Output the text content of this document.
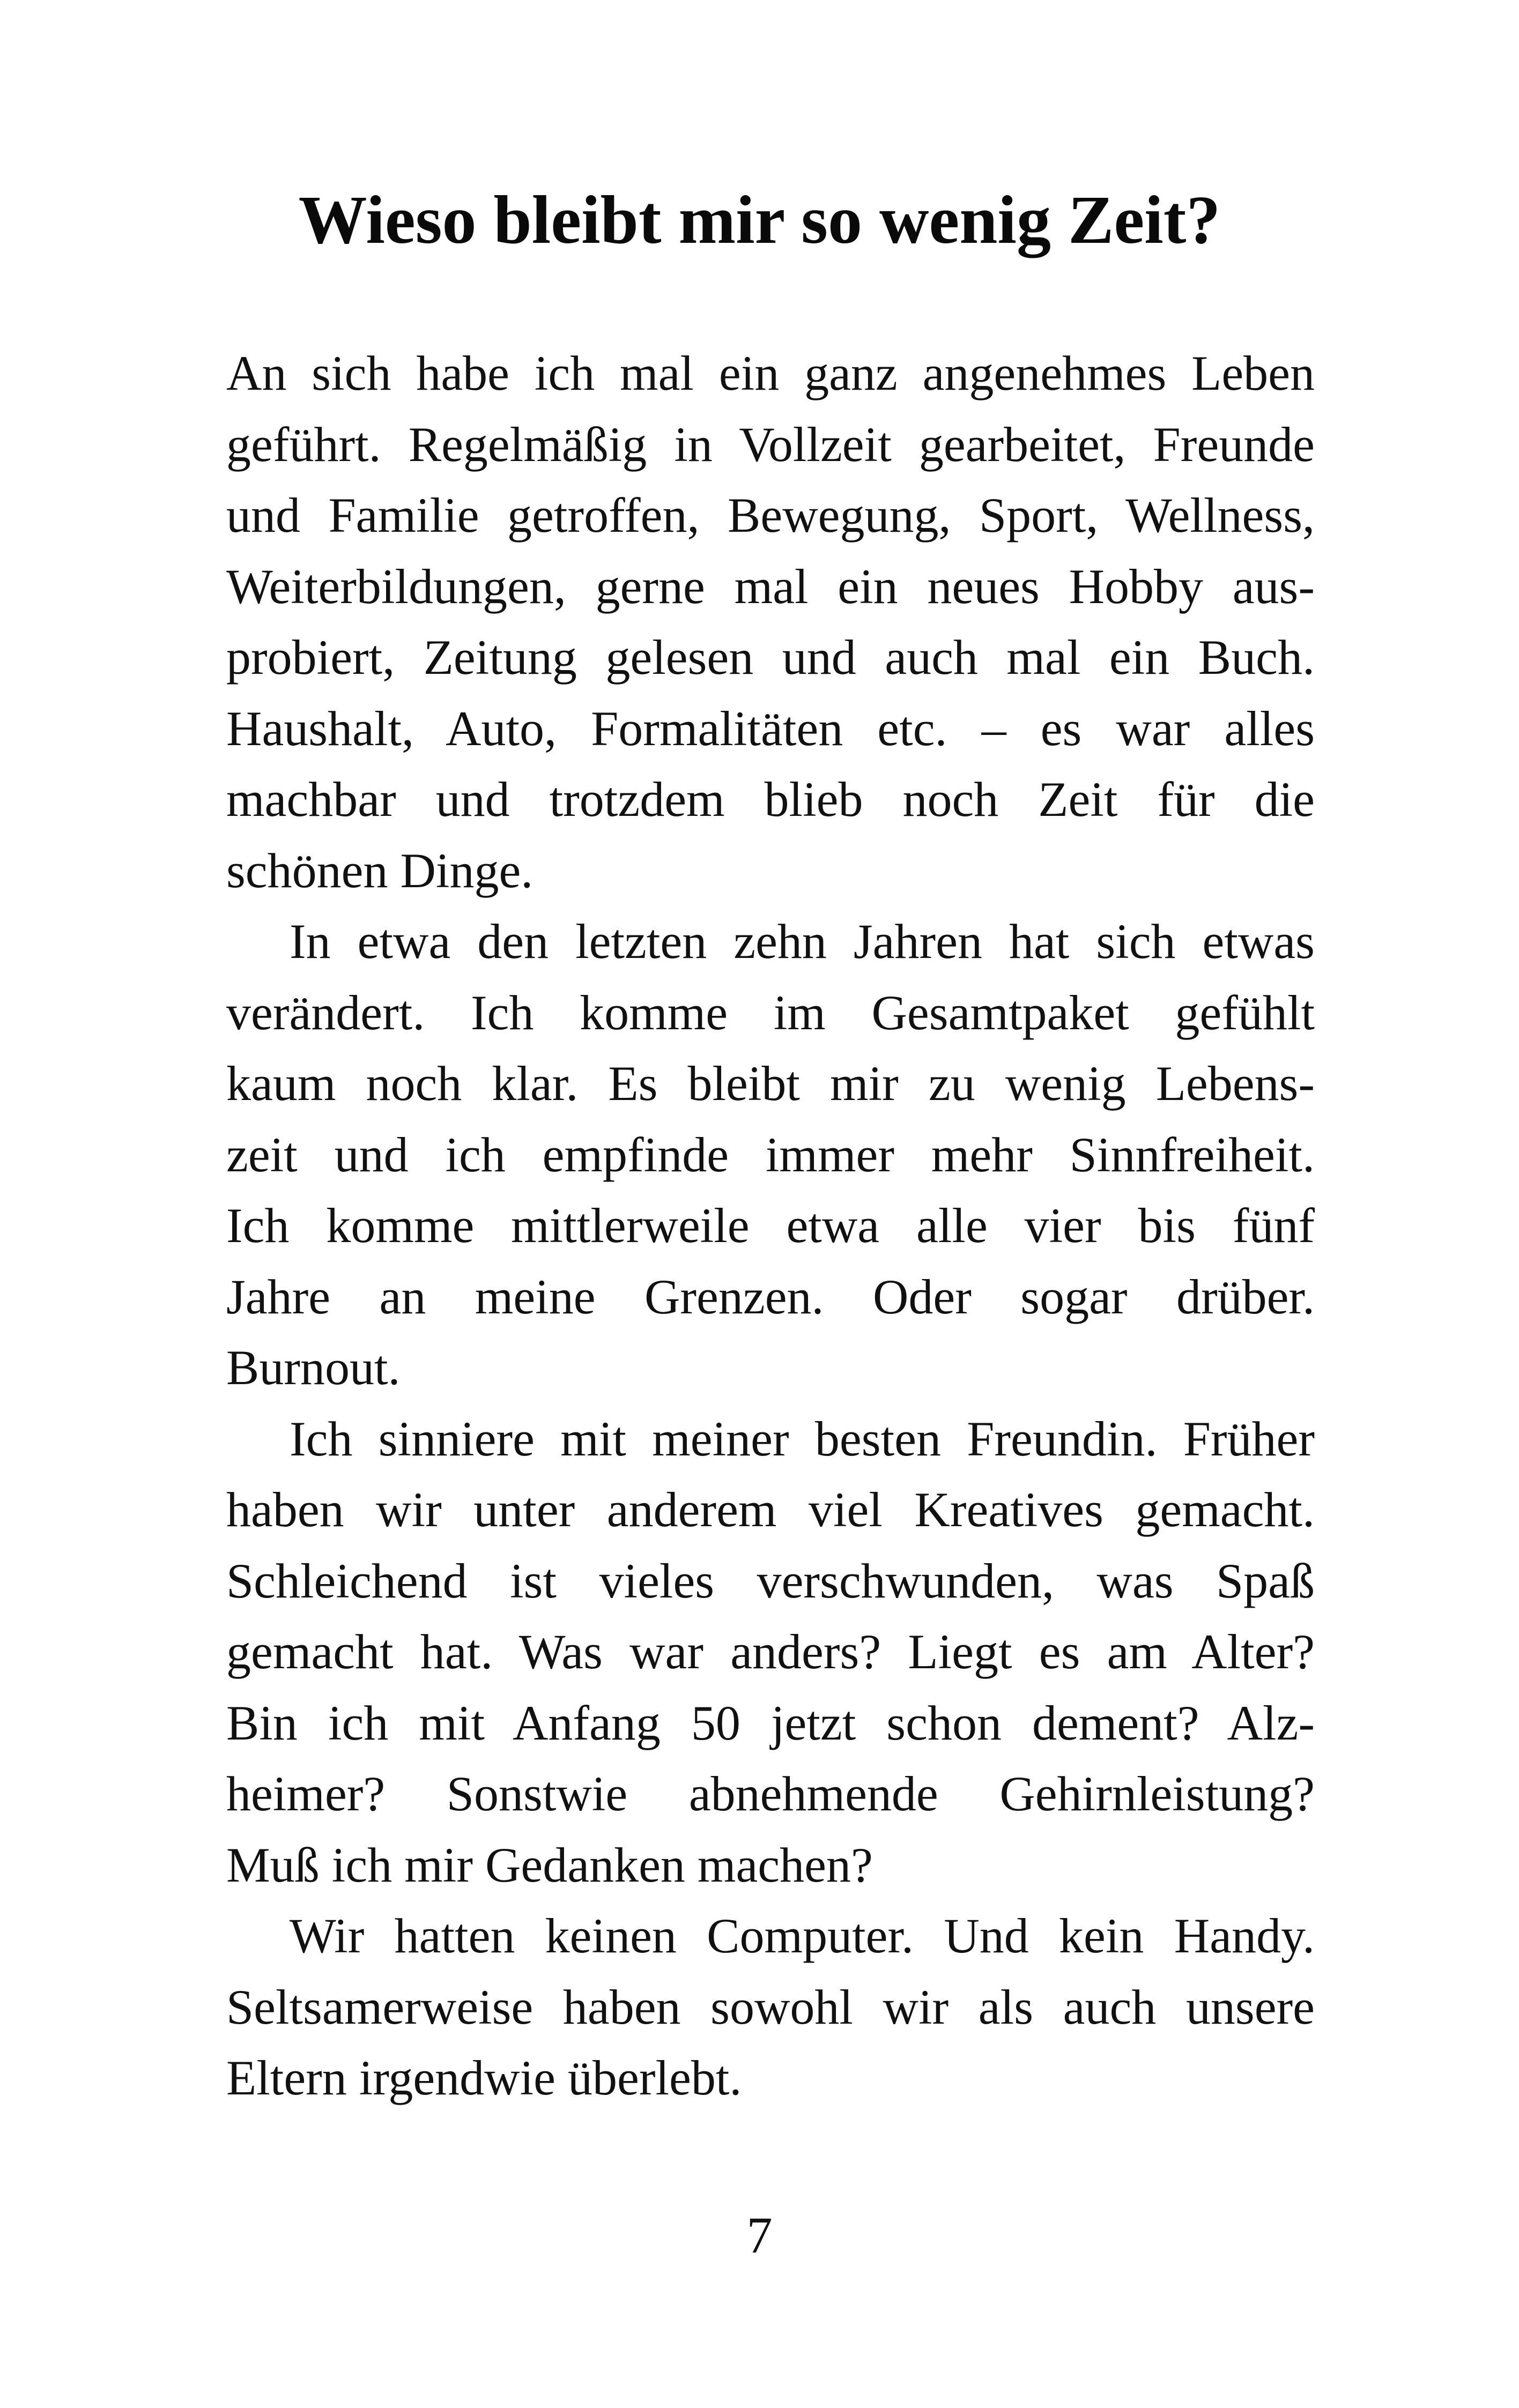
Wieso bleibt mir so wenig Zeit?

An sich habe ich mal ein ganz angenehmes Leben
geführt. Regelmäßig in Vollzeit gearbeitet, Freunde
und Familie getroffen, Bewegung, Sport, Wellness,
Weiterbildungen, gerne mal ein neues Hobby aus-
probiert, Zeitung gelesen und auch mal ein Buch.
Haushalt, Auto, Formalitäten etc. – es war alles
machbar und trotzdem blieb noch Zeit für die
schönen Dinge.

In etwa den letzten zehn Jahren hat sich etwas
verändert. Ich komme im Gesamtpaket gefühlt
kaum noch klar. Es bleibt mir zu wenig Lebens-
zeit und ich empfinde immer mehr Sinnfreiheit.
Ich komme mittlerweile etwa alle vier bis fünf
Jahre an meine Grenzen. Oder sogar drüber.
Burnout.

Ich sinniere mit meiner besten Freundin. Früher
haben wir unter anderem viel Kreatives gemacht.
Schleichend ist vieles verschwunden, was Spaß
gemacht hat. Was war anders? Liegt es am Alter?
Bin ich mit Anfang 50 jetzt schon dement? Alz-
heimer? Sonstwie abnehmende Gehirnleistung?
Muß ich mir Gedanken machen?

Wir hatten keinen Computer. Und kein Handy.
Seltsamerweise haben sowohl wir als auch unsere
Eltern irgendwie überlebt.

7
